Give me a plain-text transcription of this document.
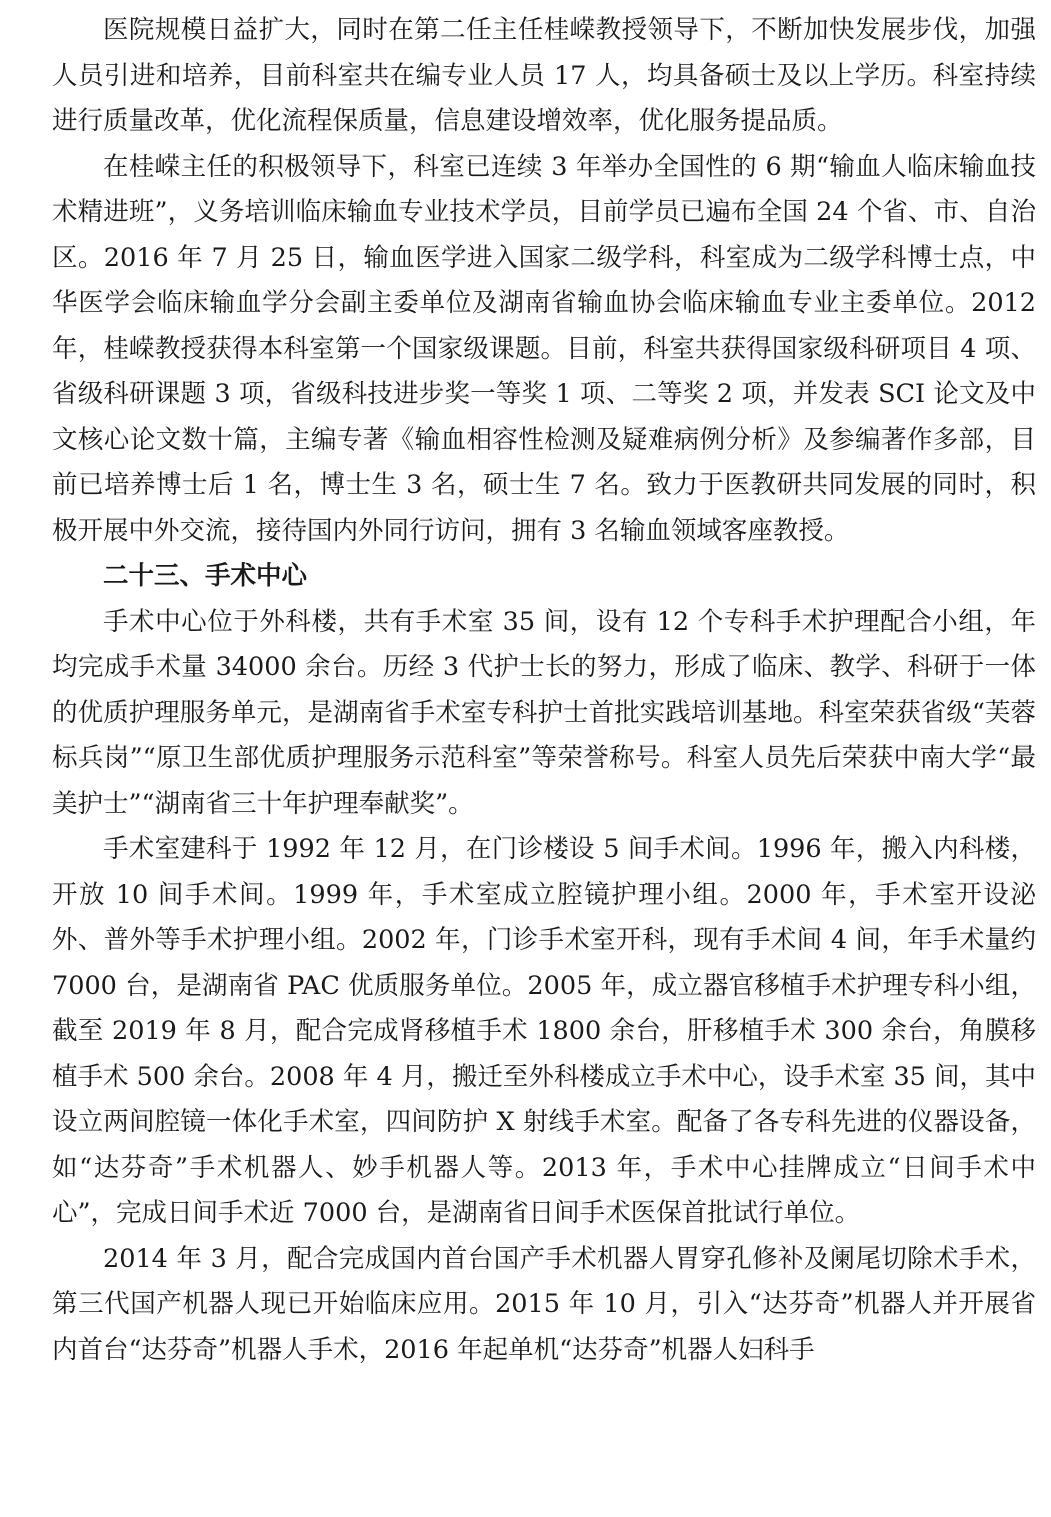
医院规模日益扩大，同时在第二任主任桂嵘教授领导下，不断加快发展步伐，加强人员引进和培养，目前科室共在编专业人员 17 人，均具备硕士及以上学历。科室持续进行质量改革，优化流程保质量，信息建设增效率，优化服务提品质。

在桂嵘主任的积极领导下，科室已连续 3 年举办全国性的 6 期“输血人临床输血技术精进班”，义务培训临床输血专业技术学员，目前学员已遍布全国 24 个省、市、自治区。2016 年 7 月 25 日，输血医学进入国家二级学科，科室成为二级学科博士点，中华医学会临床输血学分会副主委单位及湖南省输血协会临床输血专业主委单位。2012 年，桂嵘教授获得本科室第一个国家级课题。目前，科室共获得国家级科研项目 4 项、省级科研课题 3 项，省级科技进步奖一等奖 1 项、二等奖 2 项，并发表 SCI 论文及中文核心论文数十篇，主编专著《输血相容性检测及疑难病例分析》及参编著作多部，目前已培养博士后 1 名，博士生 3 名，硕士生 7 名。致力于医教研共同发展的同时，积极开展中外交流，接待国内外同行访问，拥有 3 名输血领域客座教授。

二十三、手术中心

手术中心位于外科楼，共有手术室 35 间，设有 12 个专科手术护理配合小组，年均完成手术量 34000 余台。历经 3 代护士长的努力，形成了临床、教学、科研于一体的优质护理服务单元，是湖南省手术室专科护士首批实践培训基地。科室荣获省级“芙蓉标兵岗”“原卫生部优质护理服务示范科室”等荣誉称号。科室人员先后荣获中南大学“最美护士”“湖南省三十年护理奉献奖”。

手术室建科于 1992 年 12 月，在门诊楼设 5 间手术间。1996 年，搬入内科楼，开放 10 间手术间。1999 年，手术室成立腔镜护理小组。2000 年，手术室开设泌外、普外等手术护理小组。2002 年，门诊手术室开科，现有手术间 4 间，年手术量约 7000 台，是湖南省 PAC 优质服务单位。2005 年，成立器官移植手术护理专科小组，截至 2019 年 8 月，配合完成肾移植手术 1800 余台，肝移植手术 300 余台，角膜移植手术 500 余台。2008 年 4 月，搬迁至外科楼成立手术中心，设手术室 35 间，其中设立两间腔镜一体化手术室，四间防护 X 射线手术室。配备了各专科先进的仪器设备，如“达芬奇”手术机器人、妙手机器人等。2013 年，手术中心挂牌成立“日间手术中心”，完成日间手术近 7000 台，是湖南省日间手术医保首批试行单位。

2014 年 3 月，配合完成国内首台国产手术机器人胃穿孔修补及阑尾切除术手术，第三代国产机器人现已开始临床应用。2015 年 10 月，引入“达芬奇”机器人并开展省内首台“达芬奇”机器人手术，2016 年起单机“达芬奇”机器人妇科手
